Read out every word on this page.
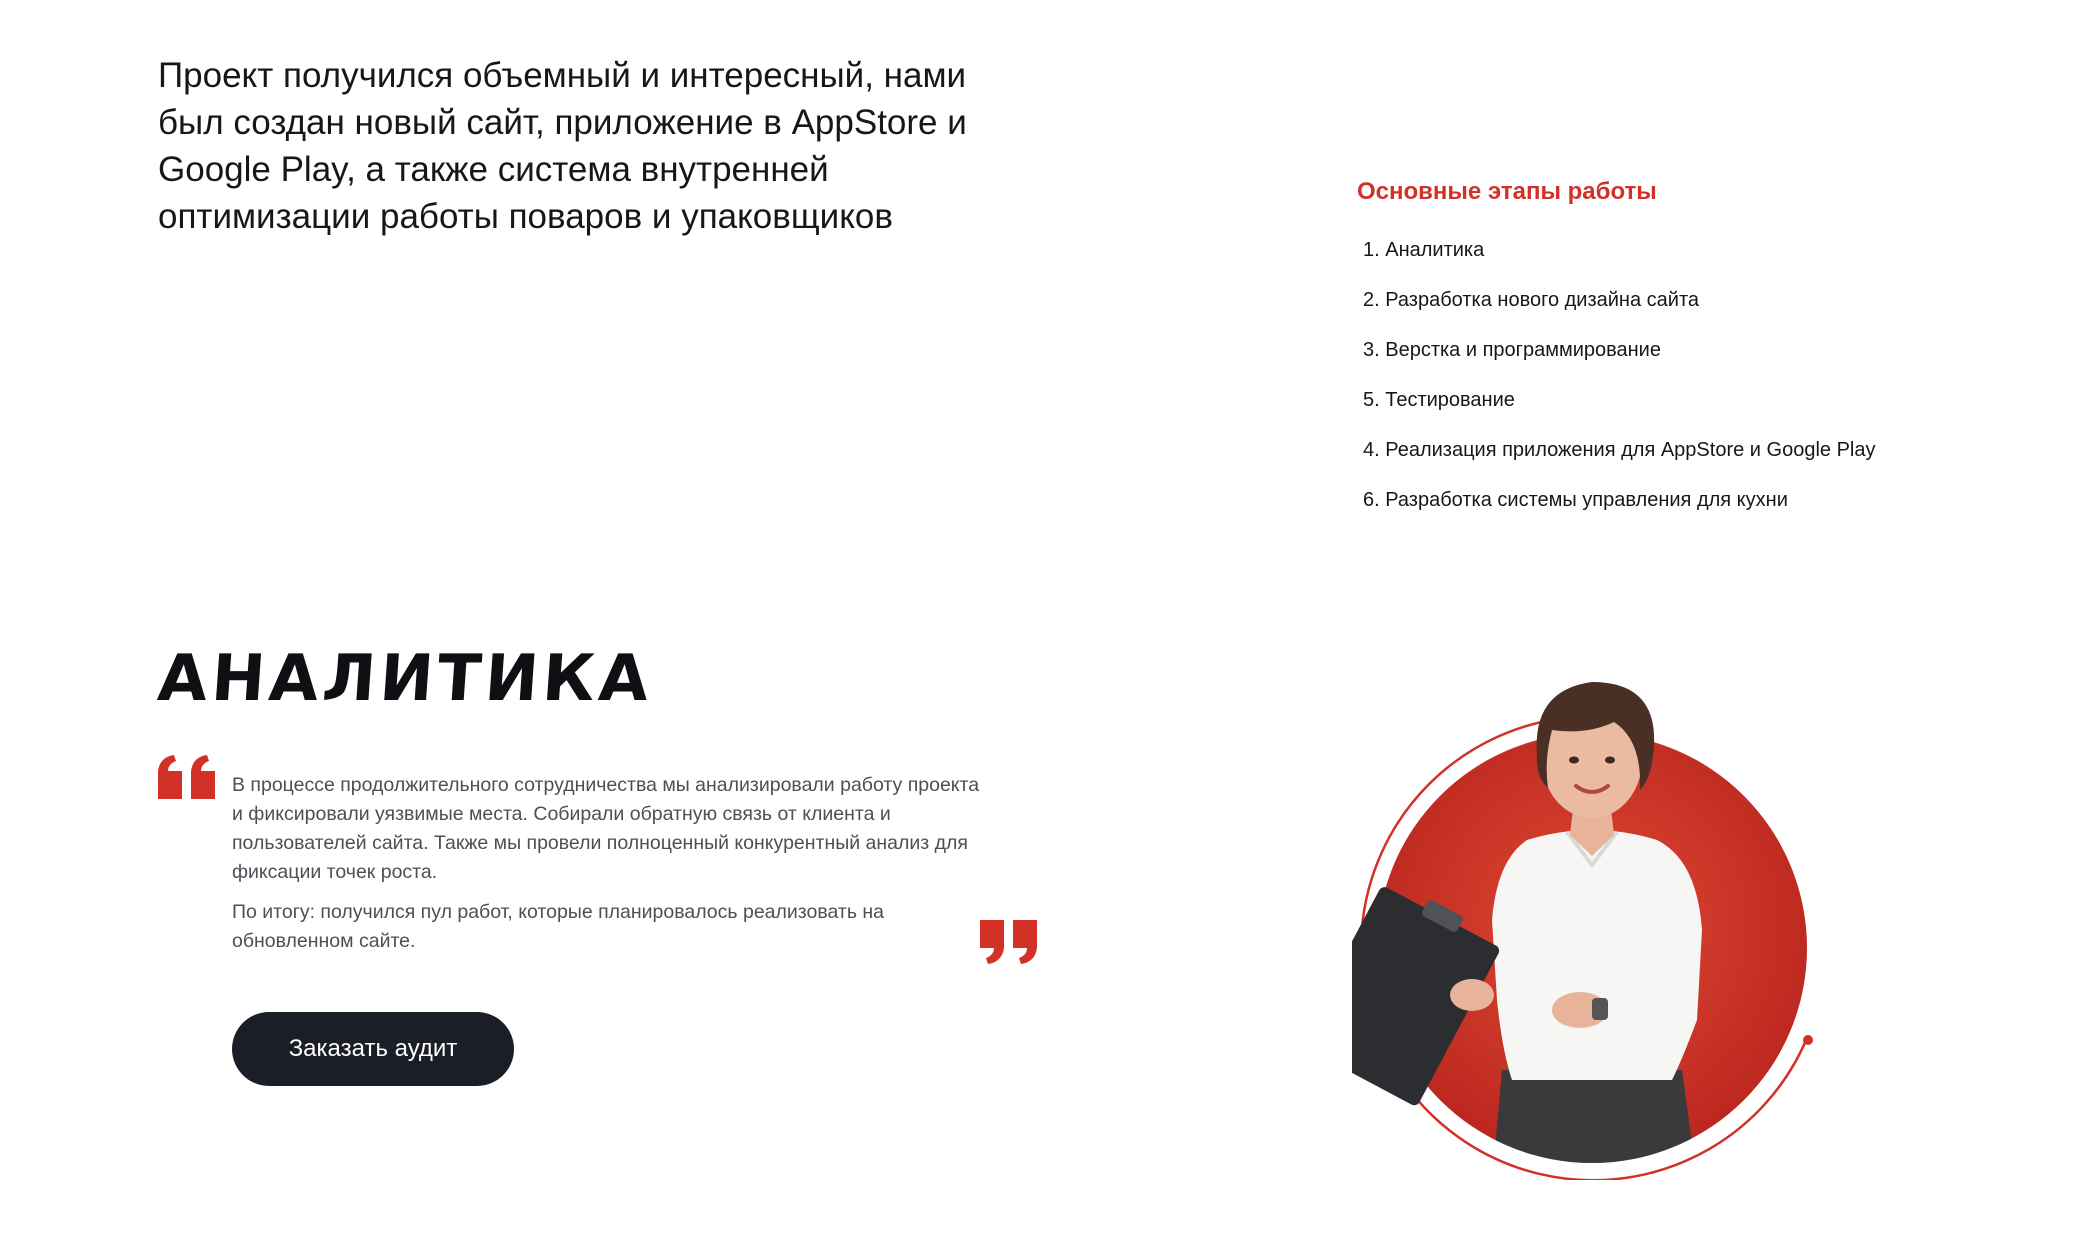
Проект получился объемный и интересный, нами был создан новый сайт, приложение в AppStore и Google Play, а также система внутренней оптимизации работы поваров и упаковщиков

Основные этапы работы
1. Аналитика
2. Разработка нового дизайна сайта
3. Верстка и программирование
5. Тестирование
4. Реализация приложения для AppStore и Google Play
6. Разработка системы управления для кухни
АНАЛИТИКА

В процессе продолжительного сотрудничества мы анализировали работу проекта и фиксировали уязвимые места. Собирали обратную связь от клиента и пользователей сайта. Также мы провели полноценный конкурентный анализ для фиксации точек роста.

По итогу: получился пул работ, которые планировалось реализовать на обновленном сайте.

Заказать аудит
